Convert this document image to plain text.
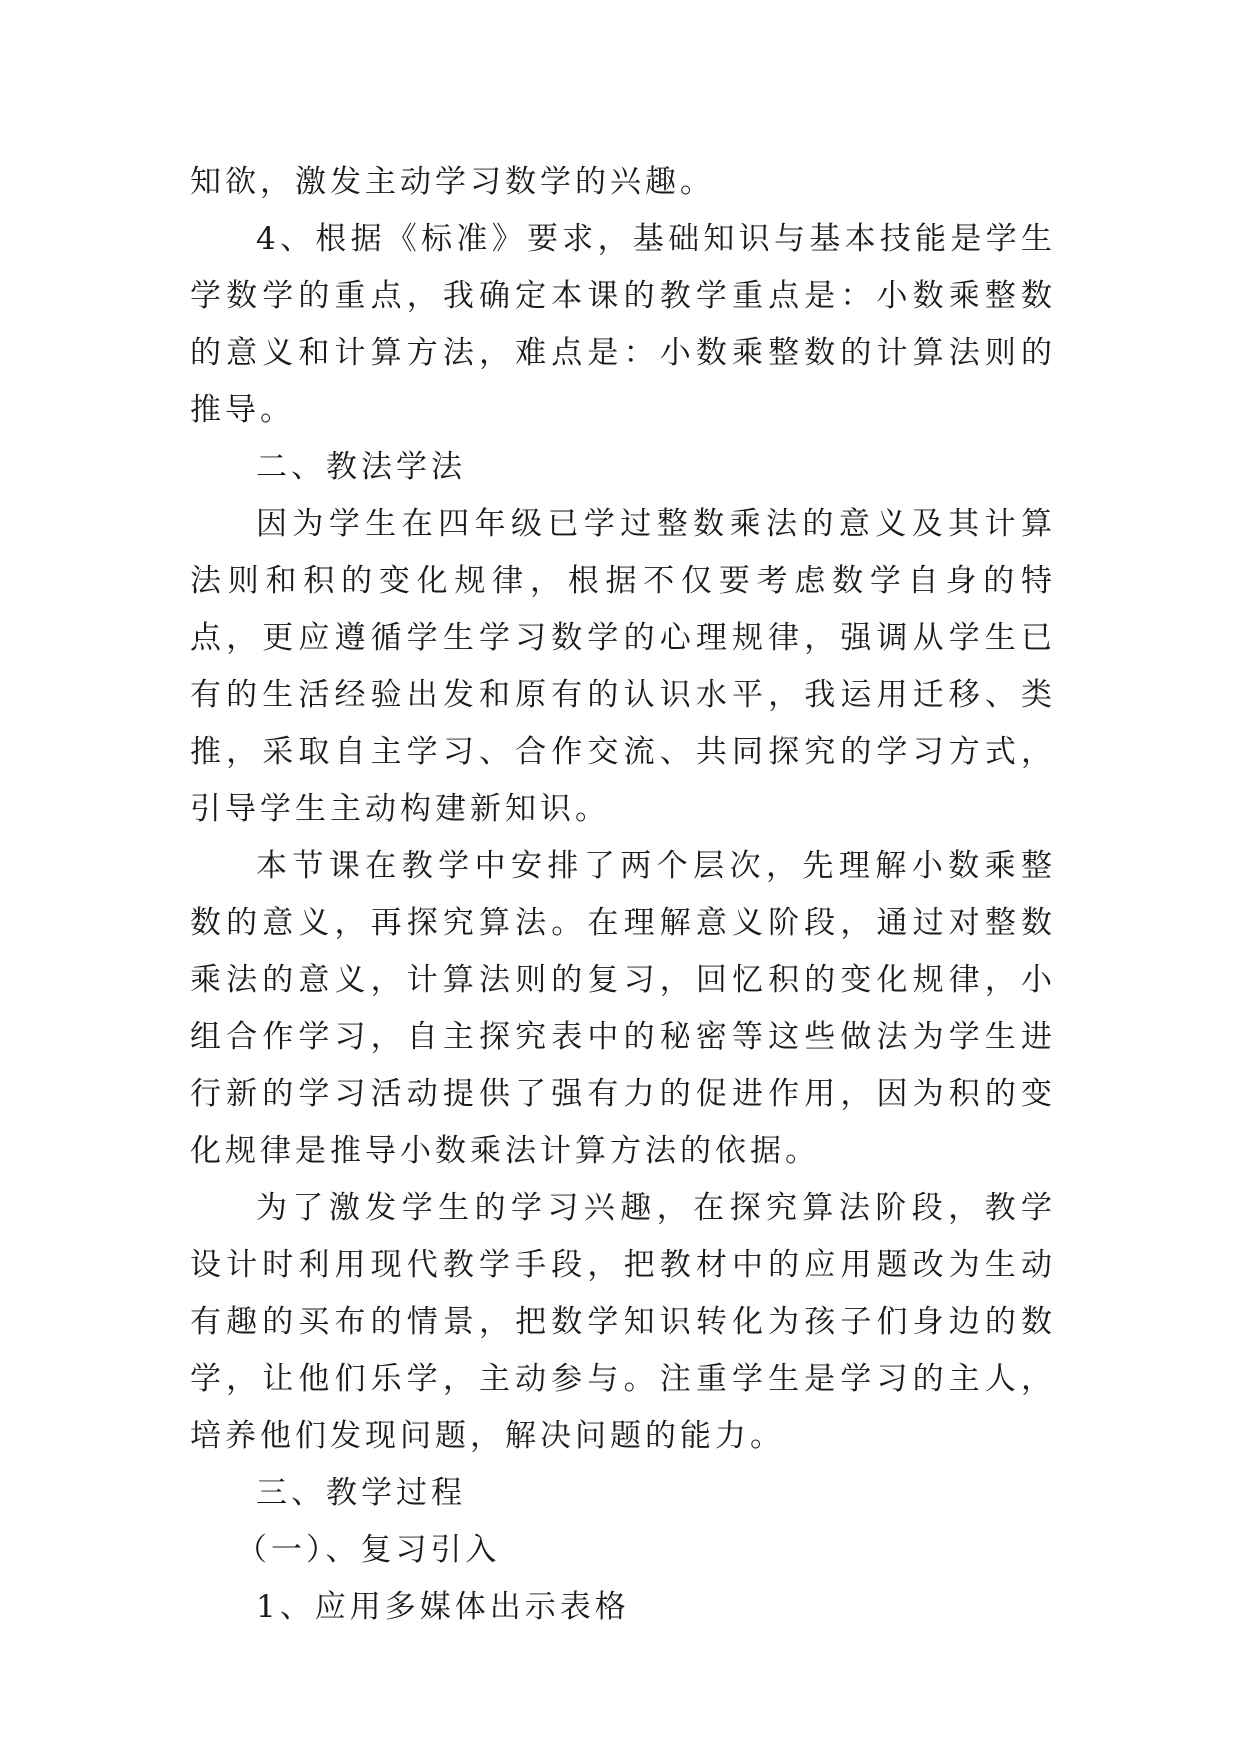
知欲，激发主动学习数学的兴趣。

4、根据《标准》要求，基础知识与基本技能是学生学数学的重点，我确定本课的教学重点是：小数乘整数的意义和计算方法，难点是：小数乘整数的计算法则的推导。

二、教法学法

因为学生在四年级已学过整数乘法的意义及其计算法则和积的变化规律，根据不仅要考虑数学自身的特点，更应遵循学生学习数学的心理规律，强调从学生已有的生活经验出发和原有的认识水平，我运用迁移、类推，采取自主学习、合作交流、共同探究的学习方式，引导学生主动构建新知识。

本节课在教学中安排了两个层次，先理解小数乘整数的意义，再探究算法。在理解意义阶段，通过对整数乘法的意义，计算法则的复习，回忆积的变化规律，小组合作学习，自主探究表中的秘密等这些做法为学生进行新的学习活动提供了强有力的促进作用，因为积的变化规律是推导小数乘法计算方法的依据。

为了激发学生的学习兴趣，在探究算法阶段，教学设计时利用现代教学手段，把教材中的应用题改为生动有趣的买布的情景，把数学知识转化为孩子们身边的数学，让他们乐学，主动参与。注重学生是学习的主人，培养他们发现问题，解决问题的能力。

三、教学过程

（一）、复习引入

1、应用多媒体出示表格
